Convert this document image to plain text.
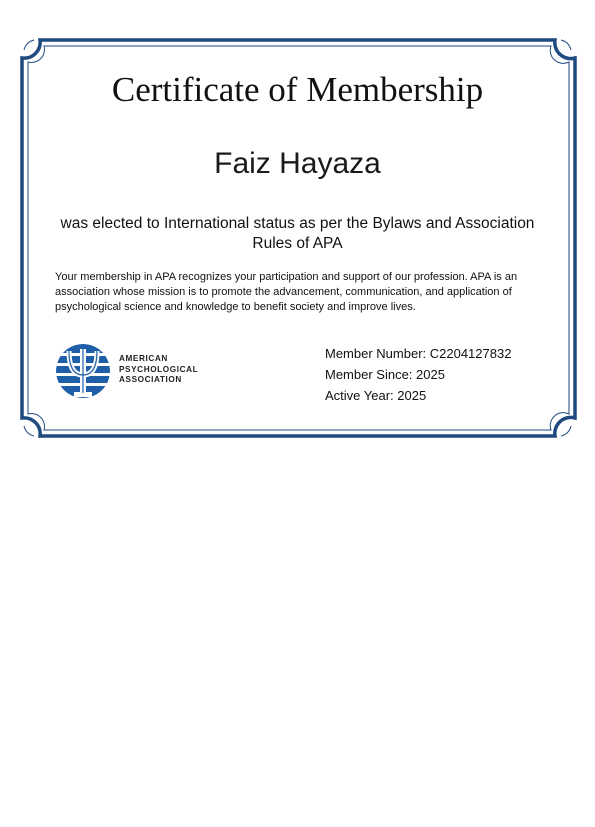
Certificate of Membership
Faiz Hayaza
was elected to International status as per the Bylaws and Association Rules of APA
Your membership in APA recognizes your participation and support of our profession. APA is an association whose mission is to promote the advancement, communication, and application of psychological science and knowledge to benefit society and improve lives.
AMERICAN
PSYCHOLOGICAL
ASSOCIATION
Member Number: C2204127832
Member Since: 2025
Active Year: 2025
